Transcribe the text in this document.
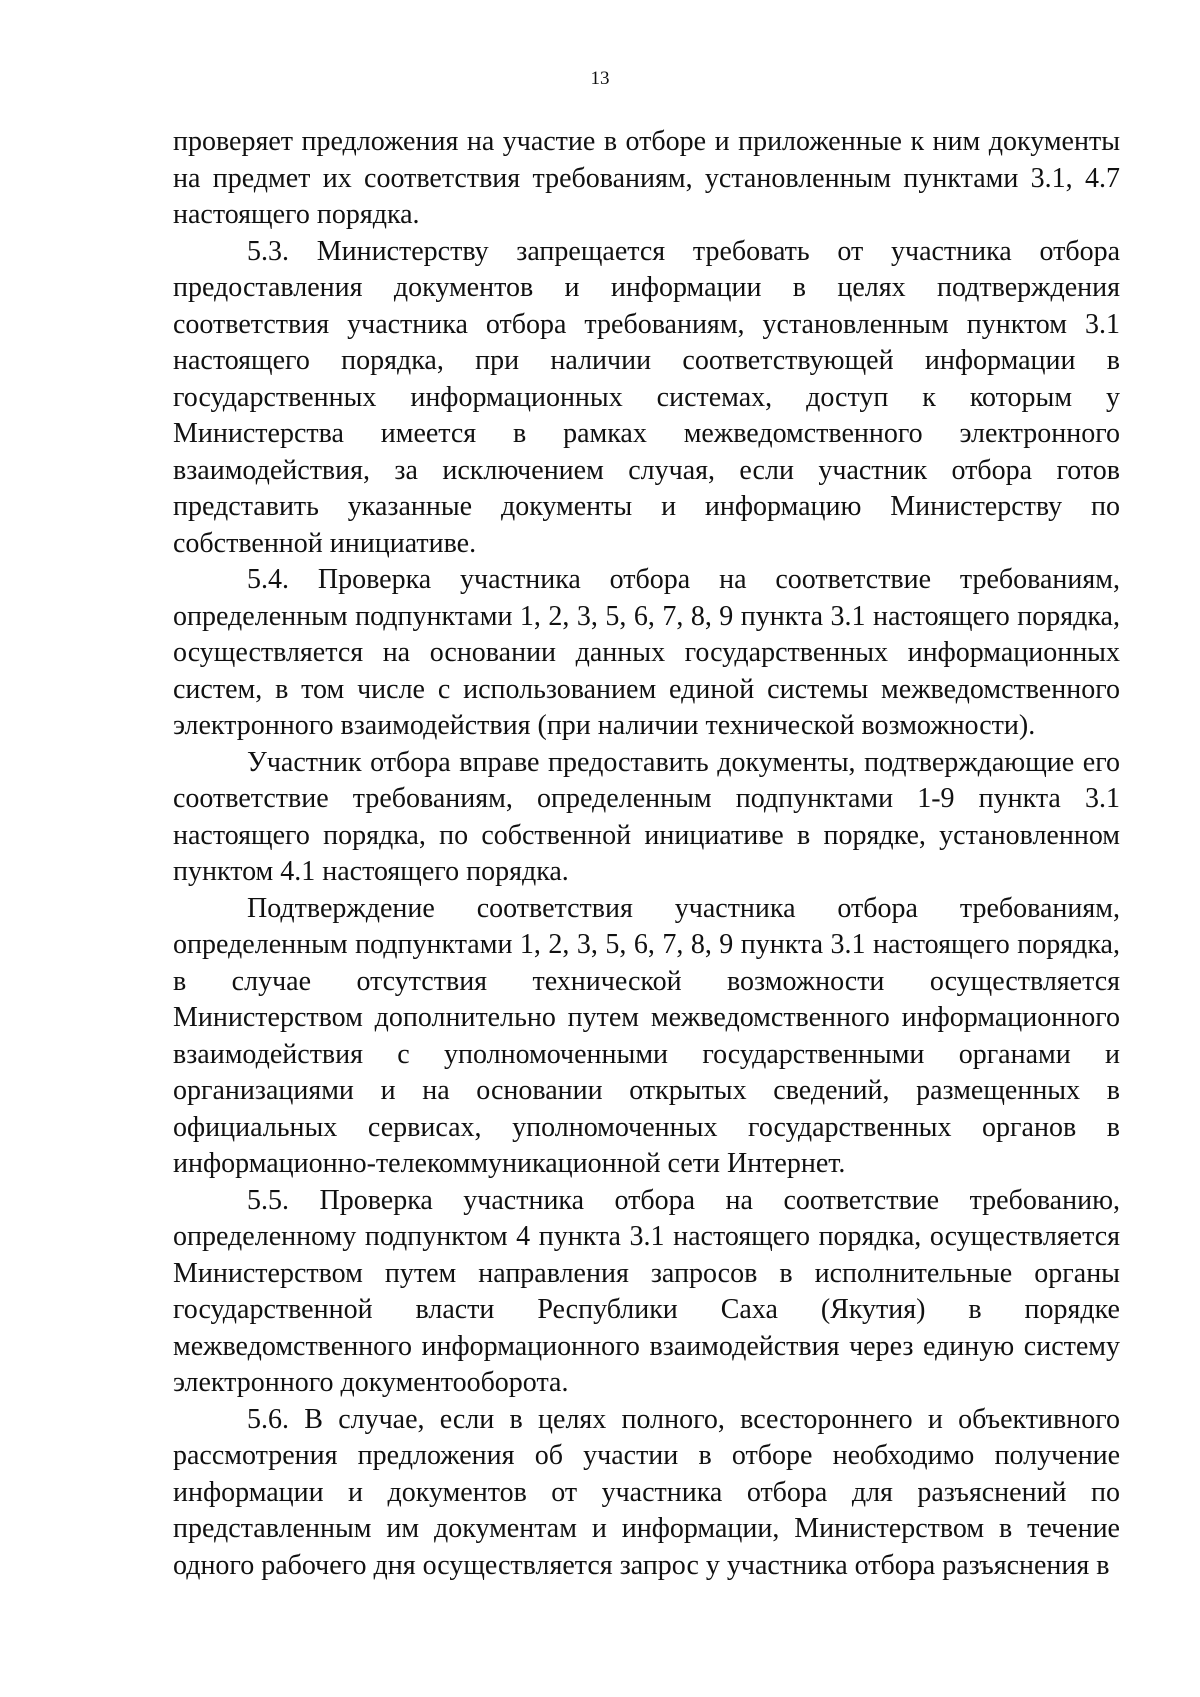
13

проверяет предложения на участие в отборе и приложенные к ним документы на предмет их соответствия требованиям, установленным пунктами 3.1, 4.7 настоящего порядка.

5.3. Министерству запрещается требовать от участника отбора предоставления документов и информации в целях подтверждения соответствия участника отбора требованиям, установленным пунктом 3.1 настоящего порядка, при наличии соответствующей информации в государственных информационных системах, доступ к которым у Министерства имеется в рамках межведомственного электронного взаимодействия, за исключением случая, если участник отбора готов представить указанные документы и информацию Министерству по собственной инициативе.

5.4. Проверка участника отбора на соответствие требованиям, определенным подпунктами 1, 2, 3, 5, 6, 7, 8, 9 пункта 3.1 настоящего порядка, осуществляется на основании данных государственных информационных систем, в том числе с использованием единой системы межведомственного электронного взаимодействия (при наличии технической возможности).

Участник отбора вправе предоставить документы, подтверждающие его соответствие требованиям, определенным подпунктами 1-9 пункта 3.1 настоящего порядка, по собственной инициативе в порядке, установленном пунктом 4.1 настоящего порядка.

Подтверждение соответствия участника отбора требованиям, определенным подпунктами 1, 2, 3, 5, 6, 7, 8, 9 пункта 3.1 настоящего порядка, в случае отсутствия технической возможности осуществляется Министерством дополнительно путем межведомственного информационного взаимодействия с уполномоченными государственными органами и организациями и на основании открытых сведений, размещенных в официальных сервисах, уполномоченных государственных органов в информационно-телекоммуникационной сети Интернет.

5.5. Проверка участника отбора на соответствие требованию, определенному подпунктом 4 пункта 3.1 настоящего порядка, осуществляется Министерством путем направления запросов в исполнительные органы государственной власти Республики Саха (Якутия) в порядке межведомственного информационного взаимодействия через единую систему электронного документооборота.

5.6. В случае, если в целях полного, всестороннего и объективного рассмотрения предложения об участии в отборе необходимо получение информации и документов от участника отбора для разъяснений по представленным им документам и информации, Министерством в течение одного рабочего дня осуществляется запрос у участника отбора разъяснения в
